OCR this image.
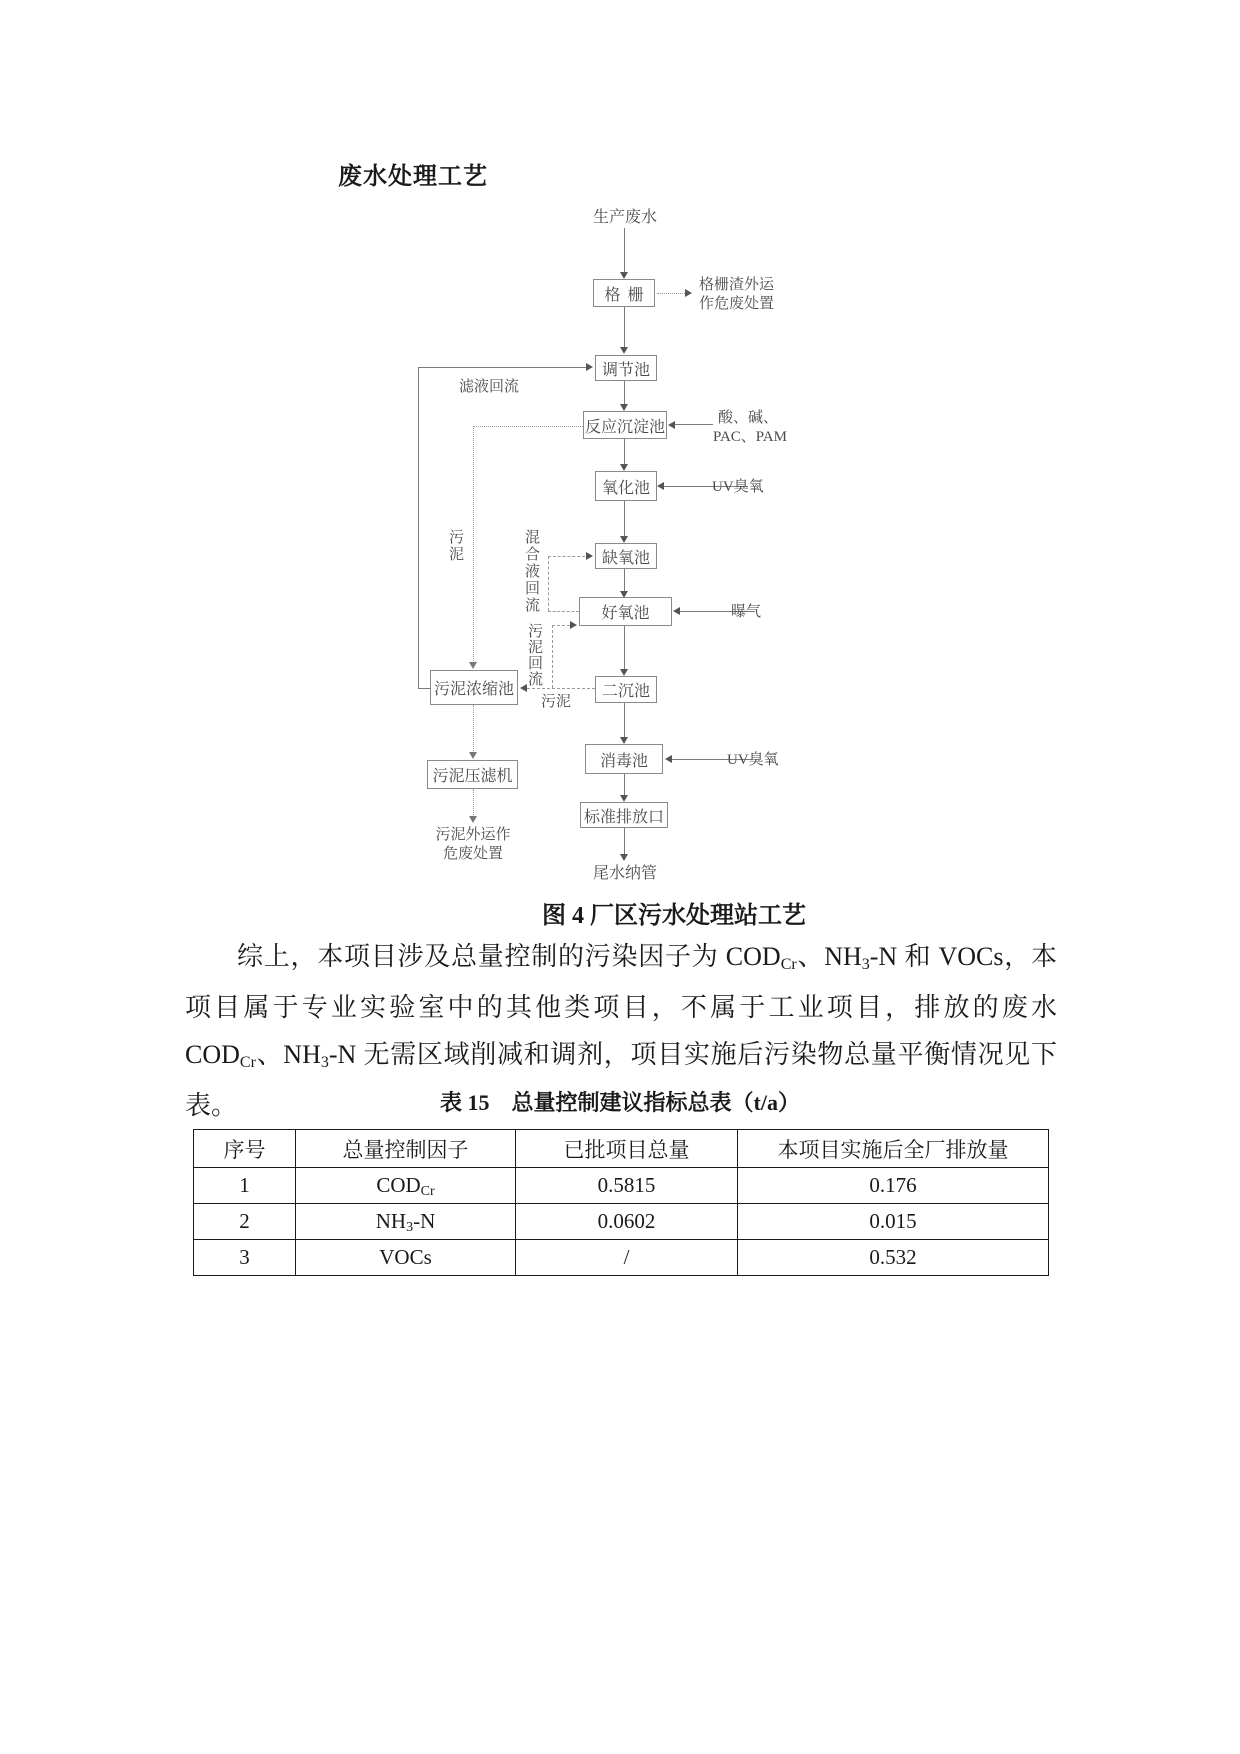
废水处理工艺
生产废水
格栅
格栅渣外运
作危废处置
调节池
滤液回流
反应沉淀池
酸、碱、
PAC、PAM
氧化池	UV臭氧
污泥
混合液回流
缺氧池
好氧池	曝气
污泥回流
二沉池
污泥
污泥浓缩池
污泥压滤机
污泥外运作
危废处置
消毒池	UV臭氧
标准排放口
尾水纳管
图 4 厂区污水处理站工艺

综上，本项目涉及总量控制的污染因子为 CODCr、NH3-N 和 VOCs，本项目属于专业实验室中的其他类项目，不属于工业项目，排放的废水 CODCr、NH3-N 无需区域削减和调剂，项目实施后污染物总量平衡情况见下表。	表 15　总量控制建议指标总表（t/a）
序号	总量控制因子	已批项目总量	本项目实施后全厂排放量
1	CODCr	0.5815	0.176
2	NH3-N	0.0602	0.015
3	VOCs	/	0.532
